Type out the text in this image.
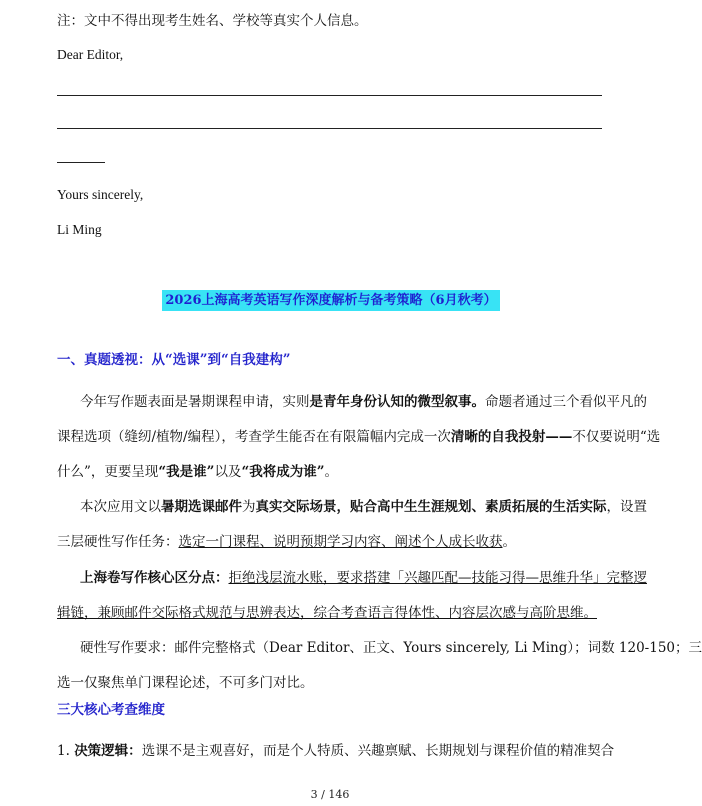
注：文中不得出现考生姓名、学校等真实个人信息。
Dear Editor,
Yours sincerely,
Li Ming
2026上海高考英语写作深度解析与备考策略（6月秋考）
一、真题透视：从“选课”到“自我建构”
今年写作题表面是暑期课程申请，实则是青年身份认知的微型叙事。命题者通过三个看似平凡的
课程选项（缝纫/植物/编程），考查学生能否在有限篇幅内完成一次清晰的自我投射——不仅要说明“选
什么”，更要呈现“我是谁”以及“我将成为谁”。
本次应用文以暑期选课邮件为真实交际场景，贴合高中生生涯规划、素质拓展的生活实际，设置
三层硬性写作任务：选定一门课程、说明预期学习内容、阐述个人成长收获。
上海卷写作核心区分点：拒绝浅层流水账，要求搭建「兴趣匹配—技能习得—思维升华」完整逻
辑链，兼顾邮件交际格式规范与思辨表达，综合考查语言得体性、内容层次感与高阶思维。
硬性写作要求：邮件完整格式（Dear Editor、正文、Yours sincerely, Li Ming）；词数 120-150；三
选一仅聚焦单门课程论述，不可多门对比。
三大核心考查维度
1. 决策逻辑：选课不是主观喜好，而是个人特质、兴趣禀赋、长期规划与课程价值的精准契合
3 / 146
